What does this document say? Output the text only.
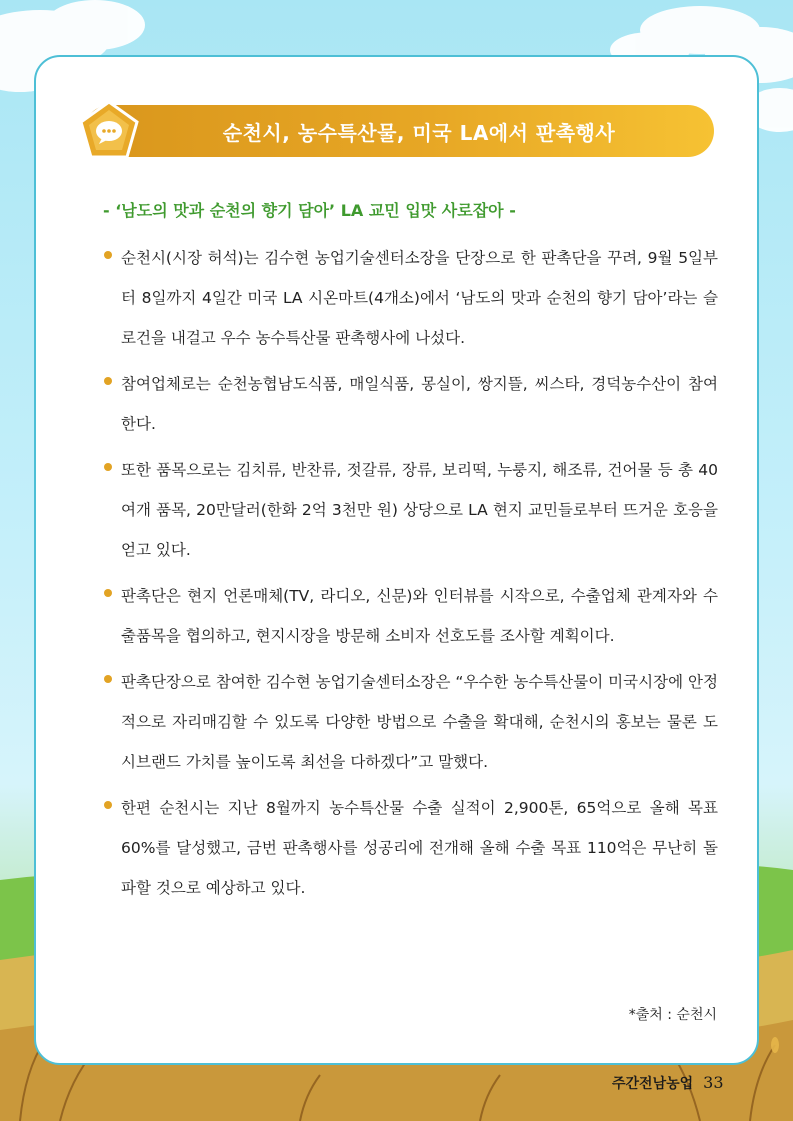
순천시, 농수특산물, 미국 LA에서 판촉행사
- ‘남도의 맛과 순천의 향기 담아’ LA 교민 입맛 사로잡아 -
순천시(시장 허석)는 김수현 농업기술센터소장을 단장으로 한 판촉단을 꾸려, 9월 5일부터 8일까지 4일간 미국 LA 시온마트(4개소)에서 ‘남도의 맛과 순천의 향기 담아’라는 슬로건을 내걸고 우수 농수특산물 판촉행사에 나섰다.
참여업체로는 순천농협남도식품, 매일식품, 몽실이, 쌍지뜰, 씨스타, 경덕농수산이 참여한다.
또한 품목으로는 김치류, 반찬류, 젓갈류, 장류, 보리떡, 누룽지, 해조류, 건어물 등 총 40여개 품목, 20만달러(한화 2억 3천만 원) 상당으로 LA 현지 교민들로부터 뜨거운 호응을 얻고 있다.
판촉단은 현지 언론매체(TV, 라디오, 신문)와 인터뷰를 시작으로, 수출업체 관계자와 수출품목을 협의하고, 현지시장을 방문해 소비자 선호도를 조사할 계획이다.
판촉단장으로 참여한 김수현 농업기술센터소장은 “우수한 농수특산물이 미국시장에 안정적으로 자리매김할 수 있도록 다양한 방법으로 수출을 확대해, 순천시의 홍보는 물론 도시브랜드 가치를 높이도록 최선을 다하겠다”고 말했다.
한편 순천시는 지난 8월까지 농수특산물 수출 실적이 2,900톤, 65억으로 올해 목표 60%를 달성했고, 금번 판촉행사를 성공리에 전개해 올해 수출 목표 110억은 무난히 돌파할 것으로 예상하고 있다.
*출처 : 순천시
주간전남농업 33
